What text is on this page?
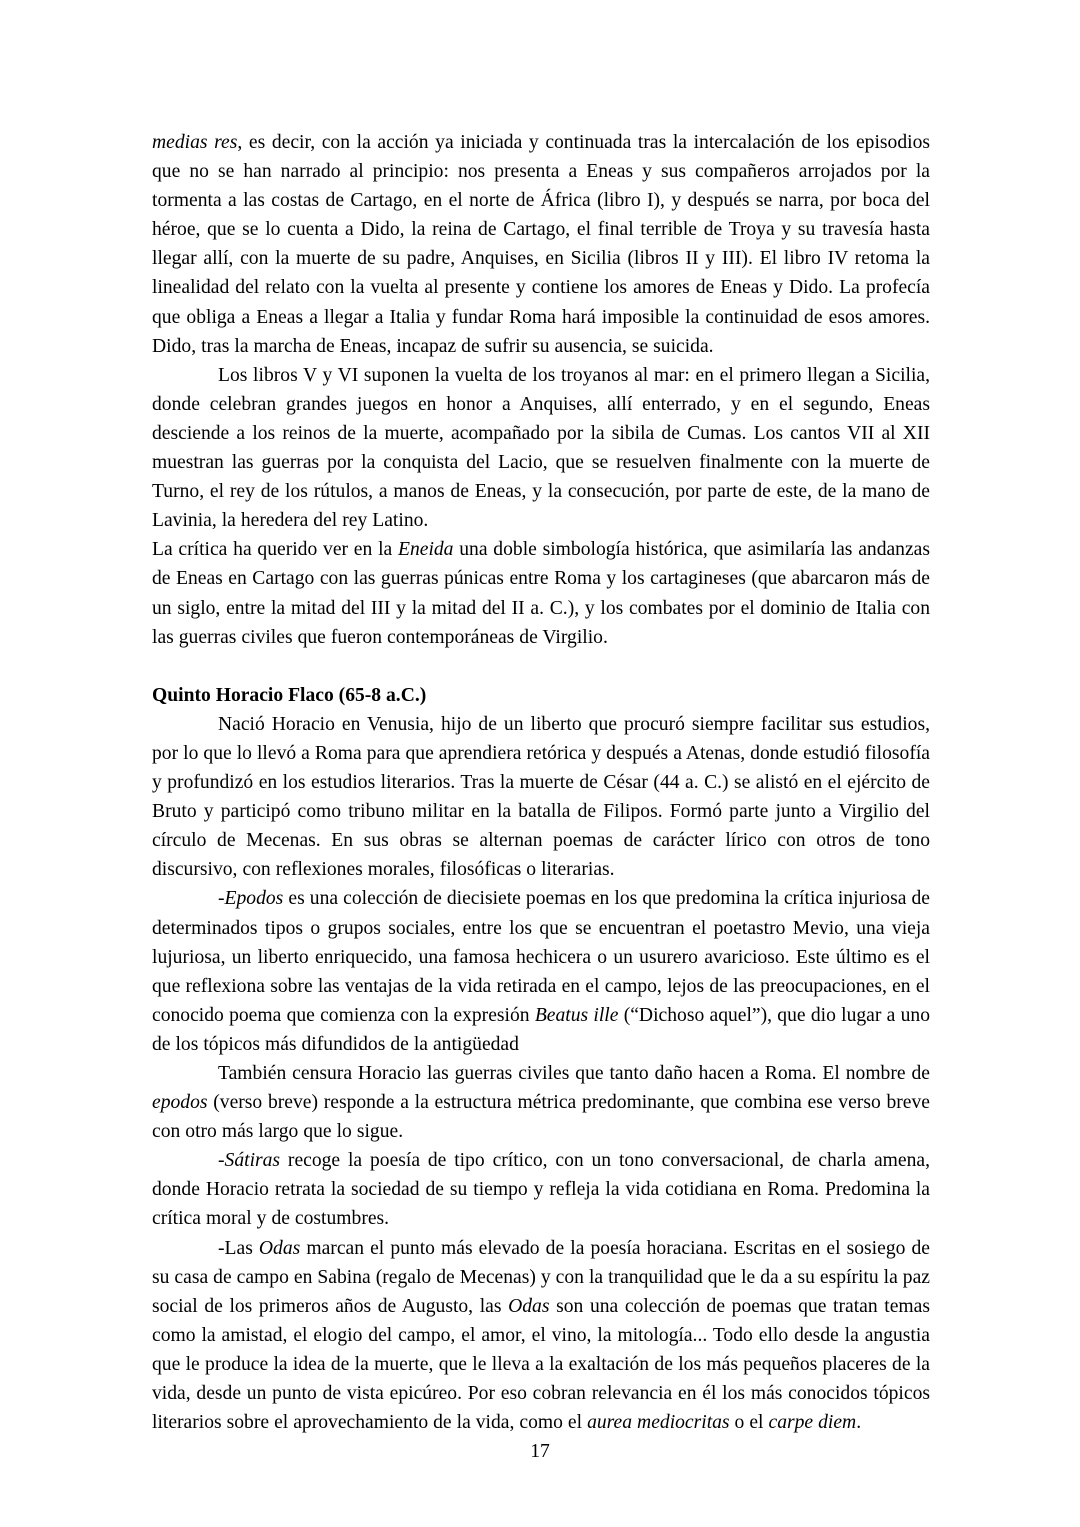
medias res, es decir, con la acción ya iniciada y continuada tras la intercalación de los episodios que no se han narrado al principio: nos presenta a Eneas y sus compañeros arrojados por la tormenta a las costas de Cartago, en el norte de África (libro I), y después se narra, por boca del héroe, que se lo cuenta a Dido, la reina de Cartago, el final terrible de Troya y su travesía hasta llegar allí, con la muerte de su padre, Anquises, en Sicilia (libros II y III). El libro IV retoma la linealidad del relato con la vuelta al presente y contiene los amores de Eneas y Dido. La profecía que obliga a Eneas a llegar a Italia y fundar Roma hará imposible la continuidad de esos amores. Dido, tras la marcha de Eneas, incapaz de sufrir su ausencia, se suicida.

Los libros V y VI suponen la vuelta de los troyanos al mar: en el primero llegan a Sicilia, donde celebran grandes juegos en honor a Anquises, allí enterrado, y en el segundo, Eneas desciende a los reinos de la muerte, acompañado por la sibila de Cumas. Los cantos VII al XII muestran las guerras por la conquista del Lacio, que se resuelven finalmente con la muerte de Turno, el rey de los rútulos, a manos de Eneas, y la consecución, por parte de este, de la mano de Lavinia, la heredera del rey Latino.

La crítica ha querido ver en la Eneida una doble simbología histórica, que asimilaría las andanzas de Eneas en Cartago con las guerras púnicas entre Roma y los cartagineses (que abarcaron más de un siglo, entre la mitad del III y la mitad del II a. C.), y los combates por el dominio de Italia con las guerras civiles que fueron contemporáneas de Virgilio.

Quinto Horacio Flaco (65-8 a.C.)

Nació Horacio en Venusia, hijo de un liberto que procuró siempre facilitar sus estudios, por lo que lo llevó a Roma para que aprendiera retórica y después a Atenas, donde estudió filosofía y profundizó en los estudios literarios. Tras la muerte de César (44 a. C.) se alistó en el ejército de Bruto y participó como tribuno militar en la batalla de Filipos. Formó parte junto a Virgilio del círculo de Mecenas. En sus obras se alternan poemas de carácter lírico con otros de tono discursivo, con reflexiones morales, filosóficas o literarias.

-Epodos es una colección de diecisiete poemas en los que predomina la crítica injuriosa de determinados tipos o grupos sociales, entre los que se encuentran el poetastro Mevio, una vieja lujuriosa, un liberto enriquecido, una famosa hechicera o un usurero avaricioso. Este último es el que reflexiona sobre las ventajas de la vida retirada en el campo, lejos de las preocupaciones, en el conocido poema que comienza con la expresión Beatus ille (“Dichoso aquel”), que dio lugar a uno de los tópicos más difundidos de la antigüedad

También censura Horacio las guerras civiles que tanto daño hacen a Roma. El nombre de epodos (verso breve) responde a la estructura métrica predominante, que combina ese verso breve con otro más largo que lo sigue.

-Sátiras recoge la poesía de tipo crítico, con un tono conversacional, de charla amena, donde Horacio retrata la sociedad de su tiempo y refleja la vida cotidiana en Roma. Predomina la crítica moral y de costumbres.

-Las Odas marcan el punto más elevado de la poesía horaciana. Escritas en el sosiego de su casa de campo en Sabina (regalo de Mecenas) y con la tranquilidad que le da a su espíritu la paz social de los primeros años de Augusto, las Odas son una colección de poemas que tratan temas como la amistad, el elogio del campo, el amor, el vino, la mitología... Todo ello desde la angustia que le produce la idea de la muerte, que le lleva a la exaltación de los más pequeños placeres de la vida, desde un punto de vista epicúreo. Por eso cobran relevancia en él los más conocidos tópicos literarios sobre el aprovechamiento de la vida, como el aurea mediocritas o el carpe diem.

17
